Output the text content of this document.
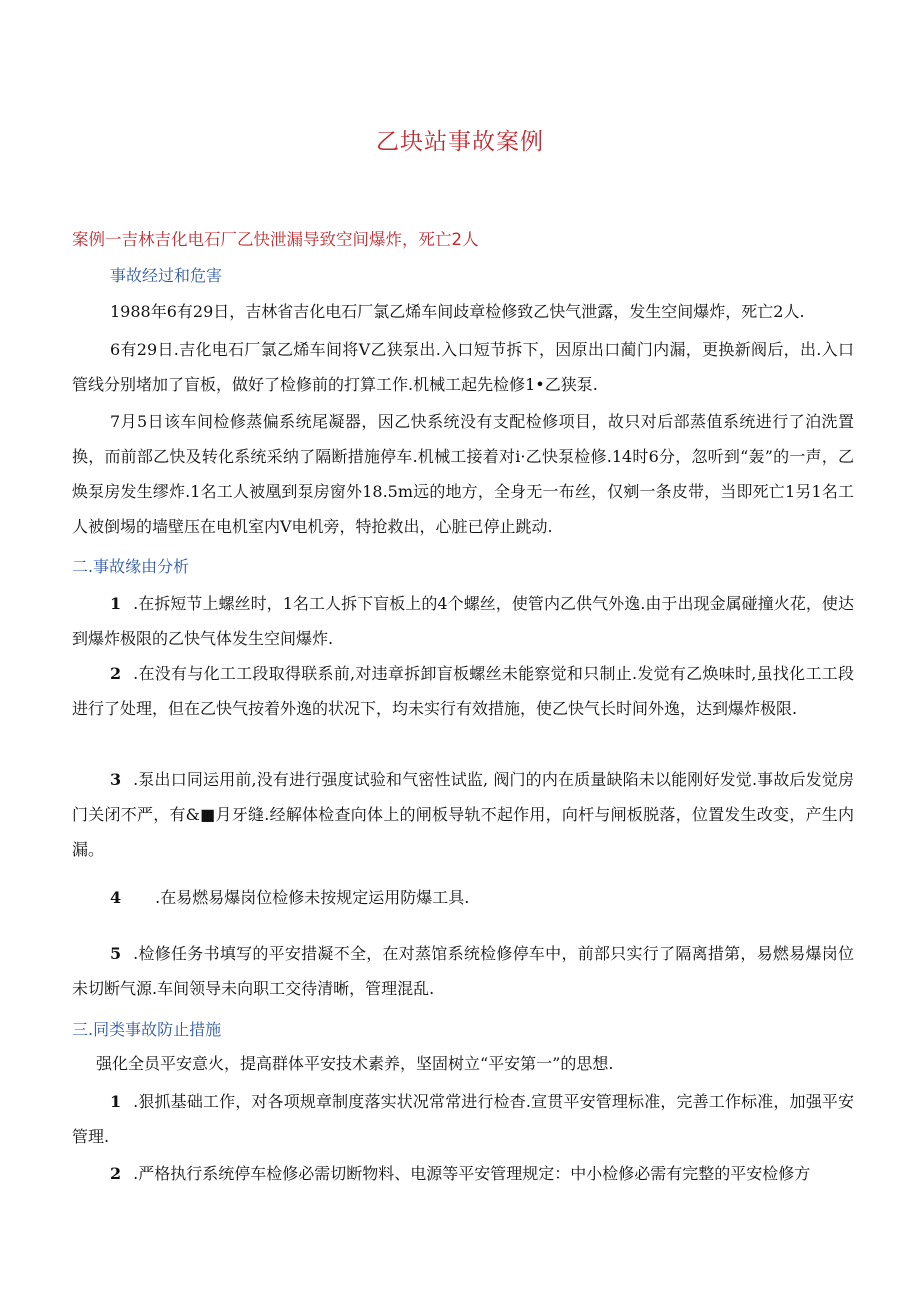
乙块站事故案例
案例一吉林吉化电石厂乙快泄漏导致空间爆炸，死亡2人
事故经过和危害
1988年6有29日，吉林省吉化电石厂氯乙烯车间歧章检修致乙快气泄露，发生空间爆炸，死亡2人.
6有29日.吉化电石厂氯乙烯车间将V乙狭泵出.入口短节拆下，因原出口蔺门内漏，更换新阀后，出.入口管线分别堵加了盲板，做好了检修前的打算工作.机械工起先检修1•乙狭泵.
7月5日该车间检修蒸偏系统尾凝器，因乙快系统没有支配检修项目，故只对后部蒸值系统进行了泊洗置换，而前部乙快及转化系统采纳了隔断措施停车.机械工接着对i·乙快泵检修.14时6分，忽听到“轰”的一声，乙焕泵房发生缪炸.1名工人被凰到泵房窗外18.5m远的地方，全身无一布丝，仅剜一条皮带，当即死亡1另1名工人被倒埸的墙壁压在电机室内V电机旁，特抢救出，心脏已停止跳动.
二.事故缘由分析
1 .在拆短节上螺丝时，1名工人拆下盲板上的4个螺丝，使管内乙供气外逸.由于出现金属碰撞火花，使达到爆炸极限的乙快气体发生空间爆炸.
2 .在没有与化工工段取得联系前,对违章拆卸盲板螺丝未能察觉和只制止.发觉有乙焕味时,虽找化工工段进行了处理，但在乙快气按着外逸的状况下，均未实行有效措施，使乙快气长时间外逸，达到爆炸极限.
3 .泵出口同运用前,没有进行强度试验和气密性试监, 阀门的内在质量缺陷未以能刚好发觉.事故后发觉房门关闭不严，有&■月牙缝.经解体检查向体上的闸板导轨不起作用，向杆与闸板脱落，位置发生改变，产生内漏。
4 .在易燃易爆岗位检修未按规定运用防爆工具.
5 .检修任务书填写的平安措凝不全，在对蒸馆系统检修停车中，前部只实行了隔离措第，易燃易爆岗位未切断气源.车间领导未向职工交待清晰，管理混乱.
三.同类事故防止措施
强化全员平安意火，提高群体平安技术素养，坚固树立“平安第一”的思想.
1 .狠抓基础工作，对各项规章制度落实状况常常进行检杳.宣贯平安管理标准，完善工作标准，加强平安管理.
2 .严格执行系统停车检修必需切断物料、电源等平安管理规定：中小检修必需有完整的平安检修方
